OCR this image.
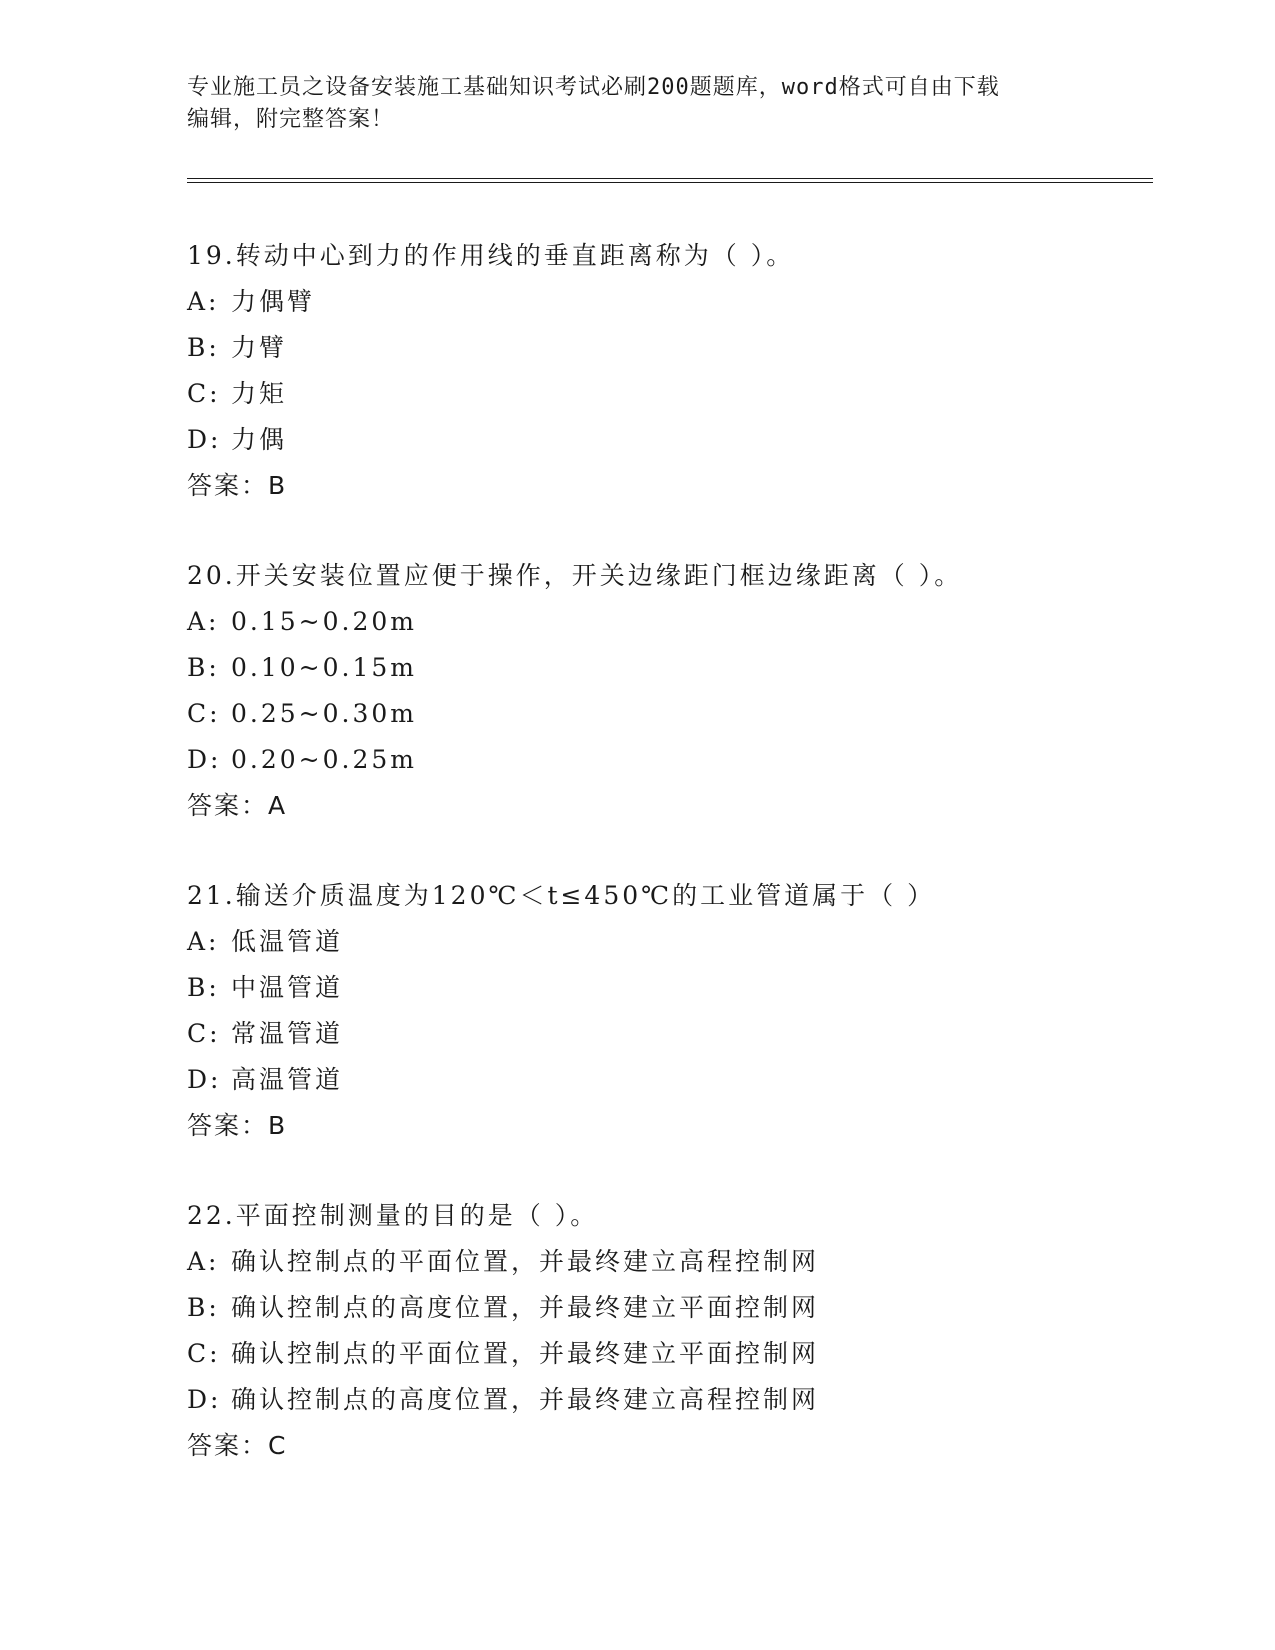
专业施工员之设备安装施工基础知识考试必刷200题题库，word格式可自由下载
编辑，附完整答案！
19.转动中心到力的作用线的垂直距离称为（ ）。
A: 力偶臂
B: 力臂
C: 力矩
D: 力偶
答案：B
20.开关安装位置应便于操作，开关边缘距门框边缘距离（ ）。
A: 0.15~0.20m
B: 0.10~0.15m
C: 0.25~0.30m
D: 0.20~0.25m
答案：A
21.输送介质温度为120℃＜t≤450℃的工业管道属于（ ）
A: 低温管道
B: 中温管道
C: 常温管道
D: 高温管道
答案：B
22.平面控制测量的目的是（ ）。
A: 确认控制点的平面位置，并最终建立高程控制网
B: 确认控制点的高度位置，并最终建立平面控制网
C: 确认控制点的平面位置，并最终建立平面控制网
D: 确认控制点的高度位置，并最终建立高程控制网
答案：C
